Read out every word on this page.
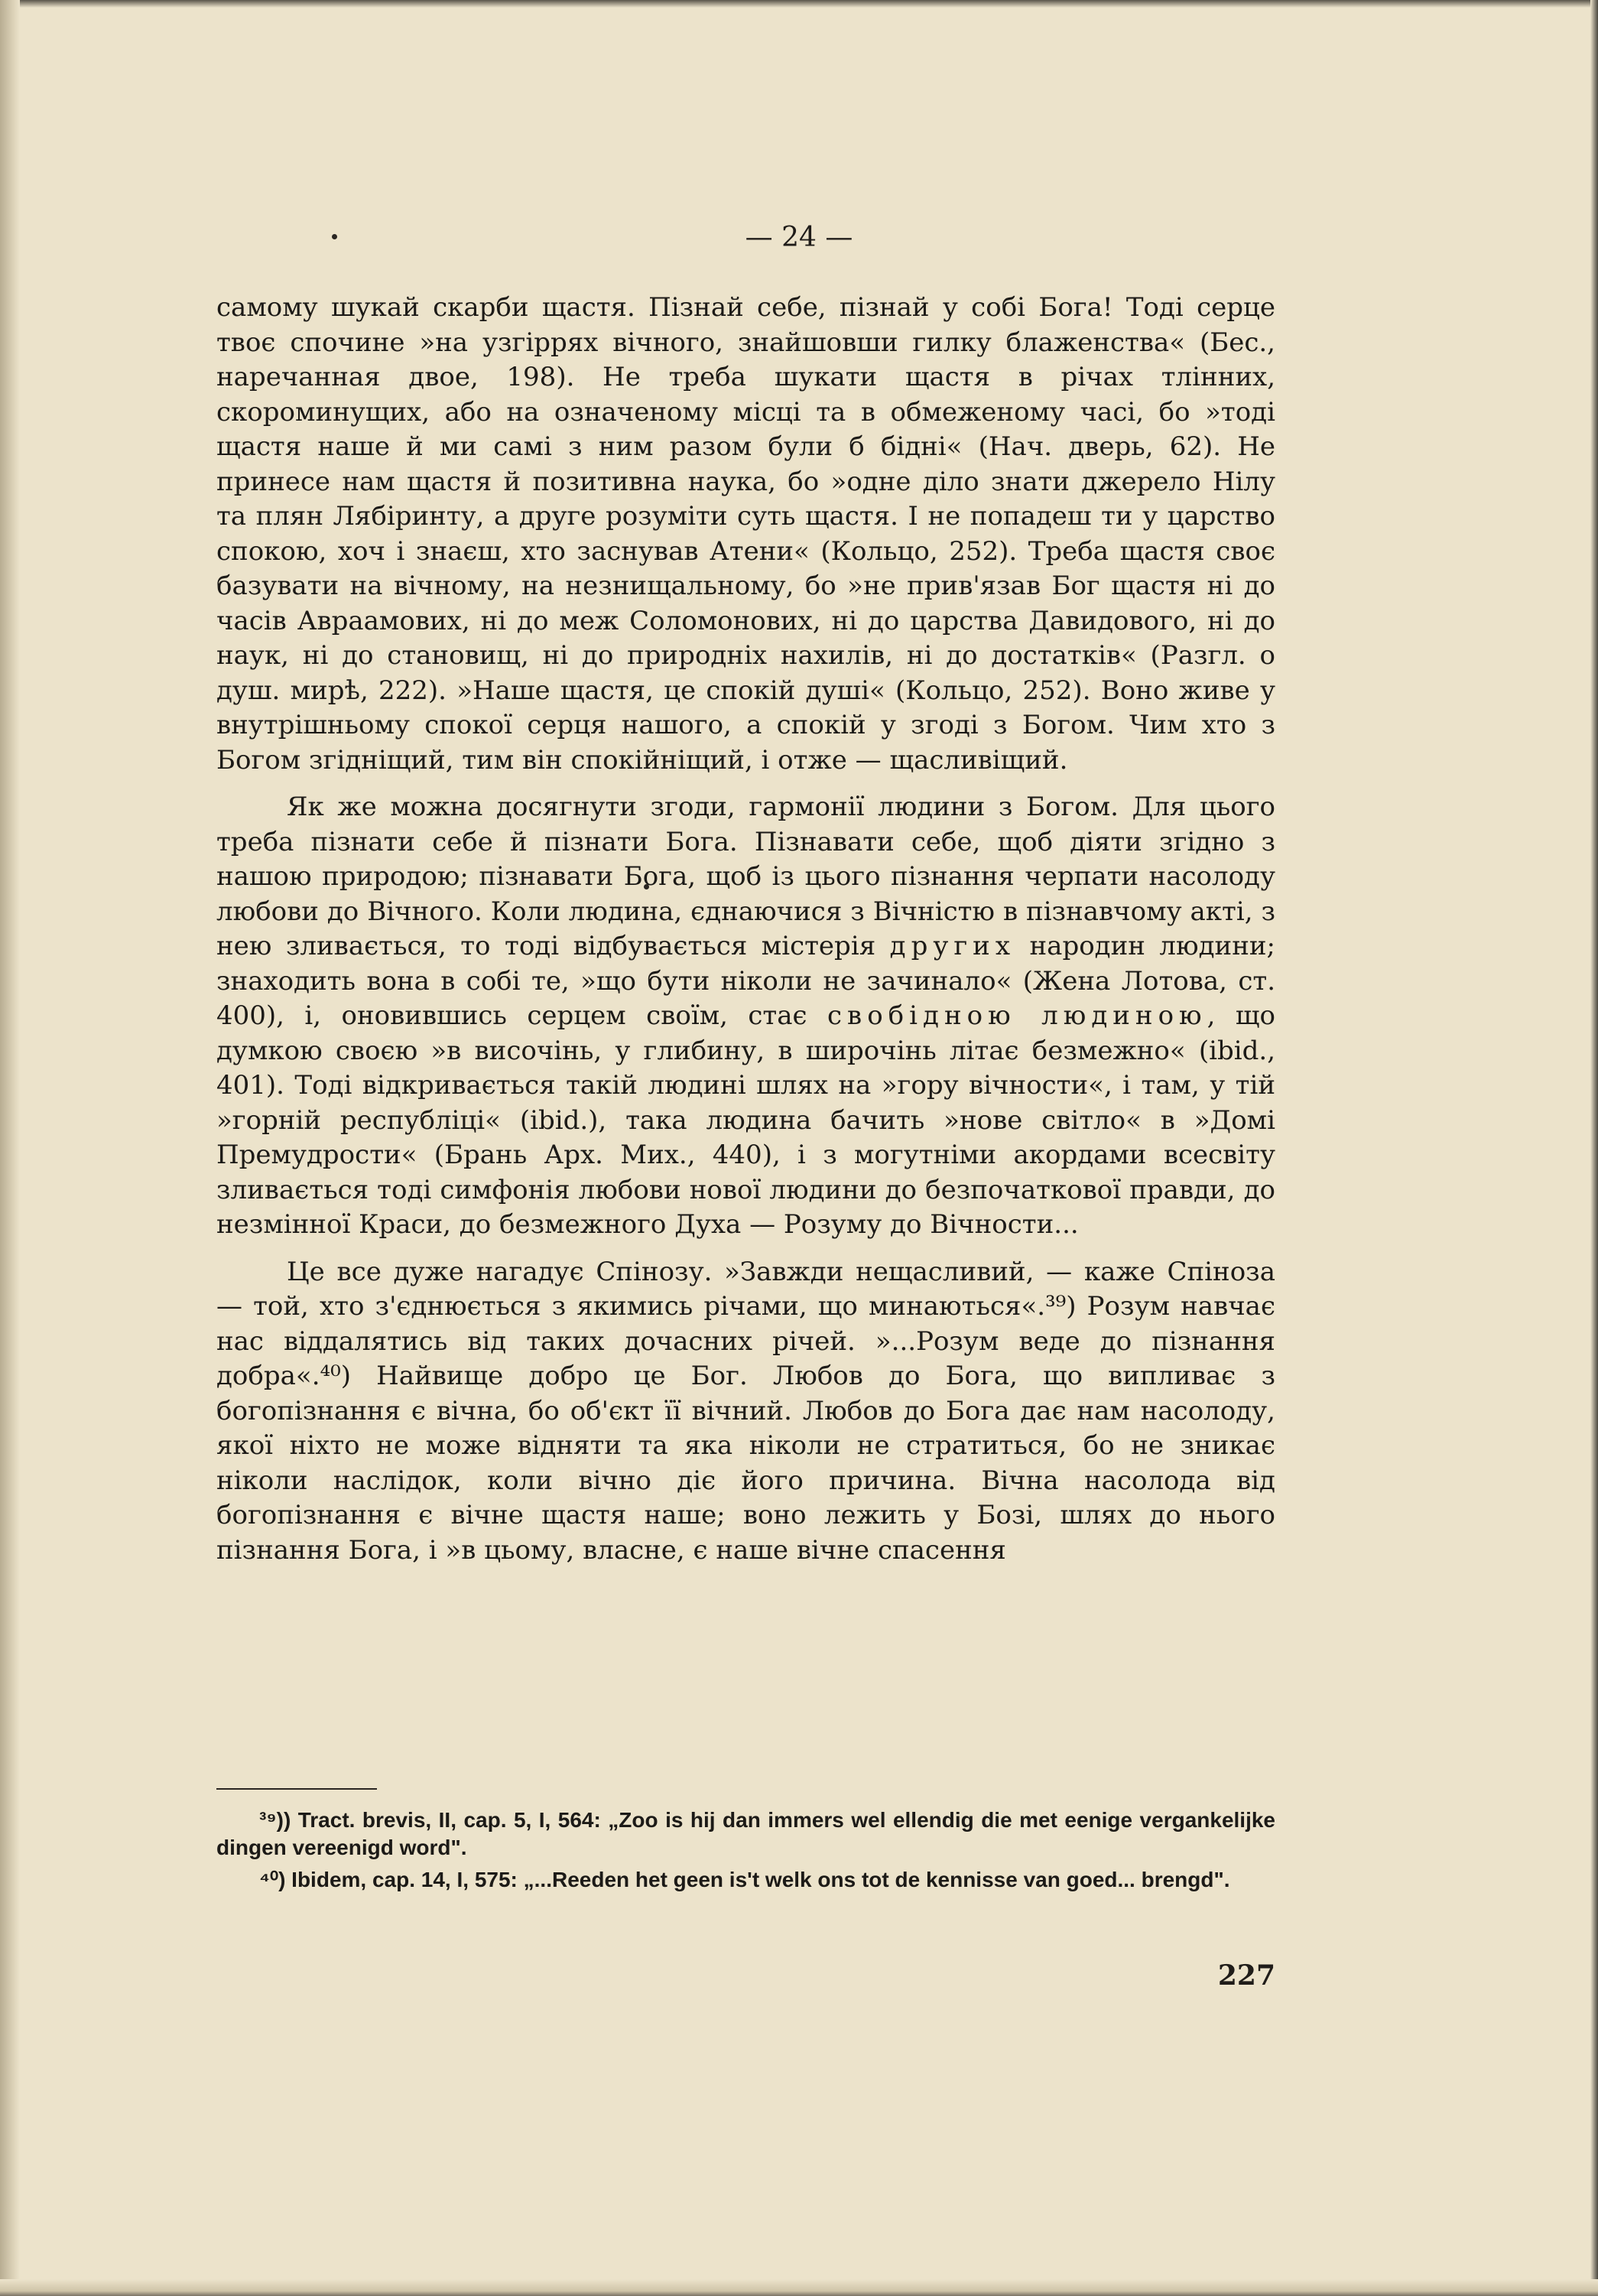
— 24 —

самому шукай скарби щастя. Пізнай себе, пізнай у собі Бога! Тоді серце твоє спочине »на узгіррях вічного, знайшовши гилку блаженства« (Бес., наречанная двое, 198). Не треба шукати щастя в річах тлінних, скороминущих, або на означеному місці та в обмеженому часі, бо »тоді щастя наше й ми самі з ним разом були б бідні« (Нач. дверь, 62). Не принесе нам щастя й позитивна наука, бо »одне діло знати джерело Нілу та плян Лябіринту, а друге розуміти суть щастя. І не попадеш ти у царство спокою, хоч і знаєш, хто заснував Атени« (Кольцо, 252). Треба щастя своє базувати на вічному, на незнищальному, бо »не прив'язав Бог щастя ні до часів Авраамових, ні до меж Соломонових, ні до царства Давидового, ні до наук, ні до становищ, ні до природніх нахилів, ні до достатків« (Разгл. о душ. мирѣ, 222). »Наше щастя, це спокій душі« (Кольцо, 252). Воно живе у внутрішньому спокої серця нашого, а спокій у згоді з Богом. Чим хто з Богом згідніщий, тим він спокійніщий, і отже — щасливіщий.

Як же можна досягнути згоди, гармонії людини з Богом. Для цього треба пізнати себе й пізнати Бога. Пізнавати себе, щоб діяти згідно з нашою природою; пізнавати Бога, щоб із цього пізнання черпати насолоду любови до Вічного. Коли людина, єднаючися з Вічністю в пізнавчому акті, з нею зливається, то тоді відбувається містерія других народин людини; знаходить вона в собі те, »що бути ніколи не зачинало« (Жена Лотова, ст. 400), і, оновившись серцем своїм, стає свобідною людиною, що думкою своєю »в височінь, у глибину, в широчінь літає безмежно« (ibid., 401). Тоді відкривається такій людині шлях на »гору вічности«, і там, у тій »горній республіці« (ibid.), така людина бачить »нове світло« в »Домі Премудрости« (Брань Арх. Мих., 440), і з могутніми акордами всесвіту зливається тоді симфонія любови нової людини до безпочаткової правди, до незмінної Краси, до безмежного Духа — Розуму до Вічности...

Це все дуже нагадує Спінозу. »Завжди нещасливий, — каже Спіноза — той, хто з'єднюється з якимись річами, що минаються«.³⁹) Розум навчає нас віддалятись від таких дочасних річей. »...Розум веде до пізнання добра«.⁴⁰) Найвище добро це Бог. Любов до Бога, що випливає з богопізнання є вічна, бо об'єкт її вічний. Любов до Бога дає нам насолоду, якої ніхто не може відняти та яка ніколи не стратиться, бо не зникає ніколи наслідок, коли вічно діє його причина. Вічна насолода від богопізнання є вічне щастя наше; воно лежить у Бозі, шлях до нього пізнання Бога, і »в цьому, власне, є наше вічне спасення

³⁹)) Tract. brevis, II, cap. 5, I, 564: „Zoo is hij dan immers wel ellendig die met eenige vergankelijke dingen vereenigd word".

⁴⁰) Ibidem, cap. 14, I, 575: „...Reeden het geen is't welk ons tot de kennisse van goed... brengd".

227
